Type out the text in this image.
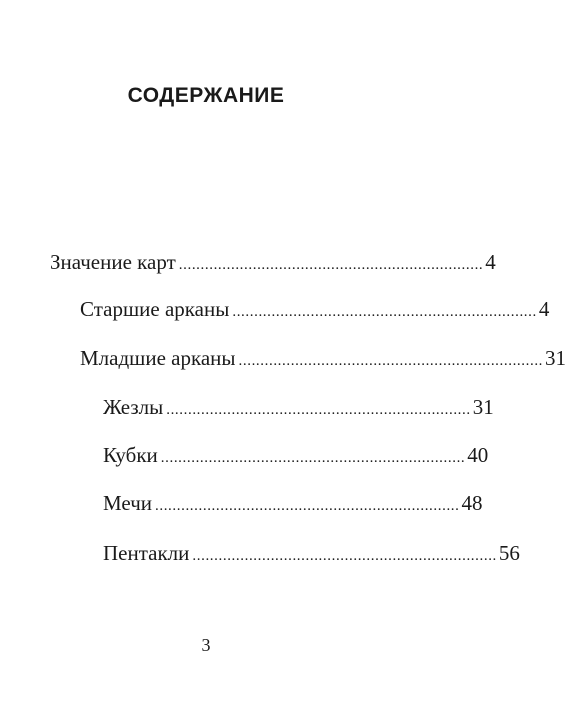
СОДЕРЖАНИЕ
Значение карт ...................................................................... 4
Старшие арканы ...................................................................... 4
Младшие арканы ...................................................................... 31
Жезлы ...................................................................... 31
Кубки ...................................................................... 40
Мечи ...................................................................... 48
Пентакли ...................................................................... 56
3
